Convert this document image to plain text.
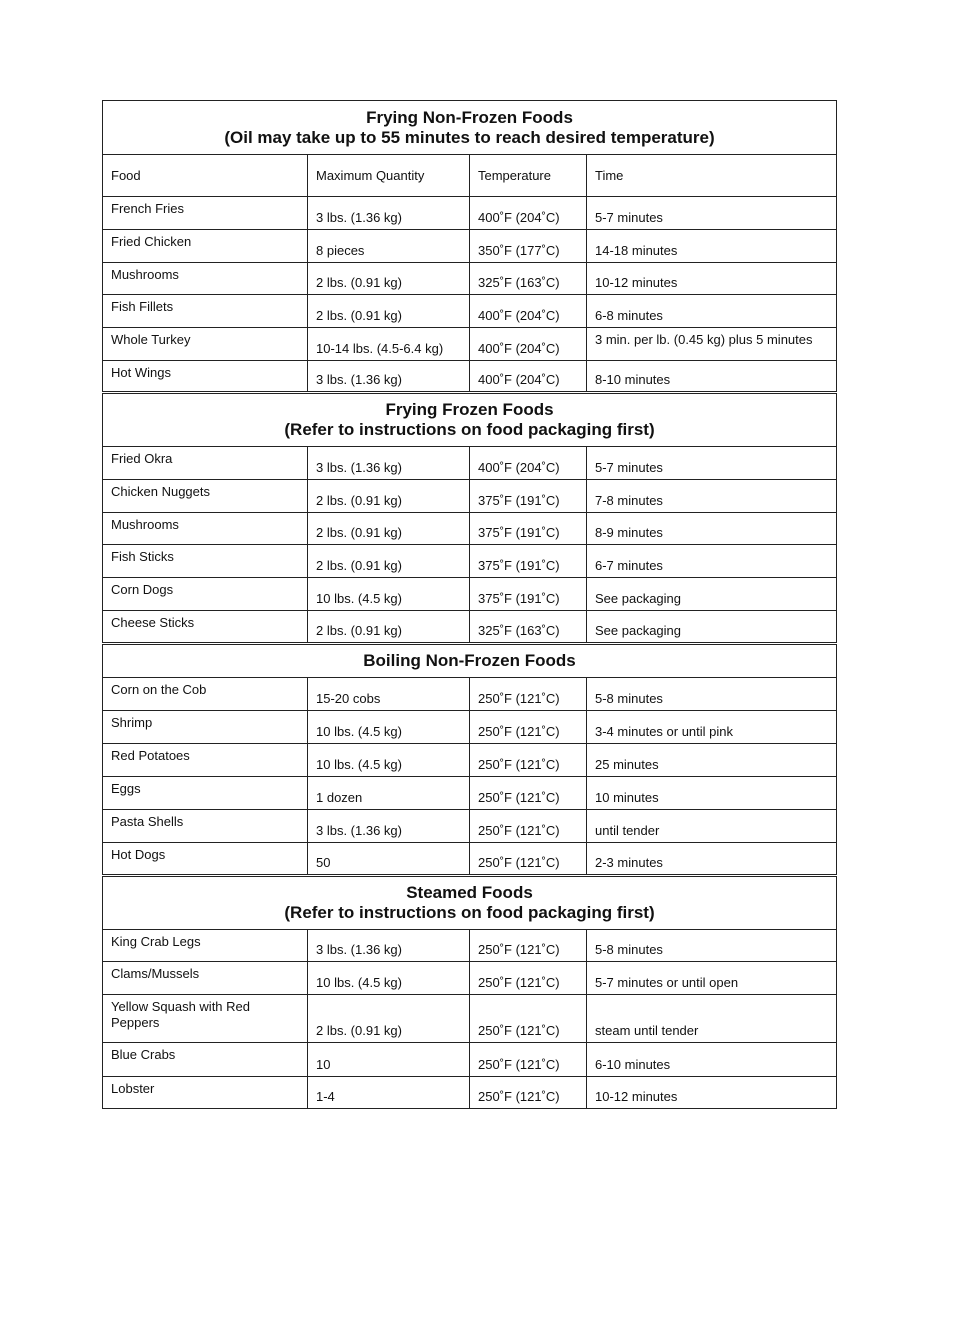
Frying Non-Frozen Foods
(Oil may take up to 55 minutes to reach desired temperature)			

Food	Maximum Quantity	Temperature	Time
French Fries	3 lbs. (1.36 kg)	400˚F (204˚C)	5-7 minutes
Fried Chicken	8 pieces	350˚F (177˚C)	14-18 minutes
Mushrooms	2 lbs. (0.91 kg)	325˚F (163˚C)	10-12 minutes
Fish Fillets	2 lbs. (0.91 kg)	400˚F (204˚C)	6-8 minutes
Whole Turkey	10-14 lbs. (4.5-6.4 kg)	400˚F (204˚C)	3 min. per lb. (0.45 kg) plus 5 minutes
Hot Wings	3 lbs. (1.36 kg)	400˚F (204˚C)	8-10 minutes

Frying Frozen Foods
(Refer to instructions on food packaging first)			

Fried Okra	3 lbs. (1.36 kg)	400˚F (204˚C)	5-7 minutes
Chicken Nuggets	2 lbs. (0.91 kg)	375˚F (191˚C)	7-8 minutes
Mushrooms	2 lbs. (0.91 kg)	375˚F (191˚C)	8-9 minutes
Fish Sticks	2 lbs. (0.91 kg)	375˚F (191˚C)	6-7 minutes
Corn Dogs	10 lbs. (4.5 kg)	375˚F (191˚C)	See packaging
Cheese Sticks	2 lbs. (0.91 kg)	325˚F (163˚C)	See packaging

Boiling Non-Frozen Foods			

Corn on the Cob	15-20 cobs	250˚F (121˚C)	5-8 minutes
Shrimp	10 lbs. (4.5 kg)	250˚F (121˚C)	3-4 minutes or until pink
Red Potatoes	10 lbs. (4.5 kg)	250˚F (121˚C)	25 minutes
Eggs	1 dozen	250˚F (121˚C)	10 minutes
Pasta Shells	3 lbs. (1.36 kg)	250˚F (121˚C)	until tender
Hot Dogs	50	250˚F (121˚C)	2-3 minutes

Steamed Foods
(Refer to instructions on food packaging first)			

King Crab Legs	3 lbs. (1.36 kg)	250˚F (121˚C)	5-8 minutes
Clams/Mussels	10 lbs. (4.5 kg)	250˚F (121˚C)	5-7 minutes or until open
Yellow Squash with Red Peppers	2 lbs. (0.91 kg)	250˚F (121˚C)	steam until tender
Blue Crabs	10	250˚F (121˚C)	6-10 minutes
Lobster	1-4	250˚F (121˚C)	10-12 minutes
